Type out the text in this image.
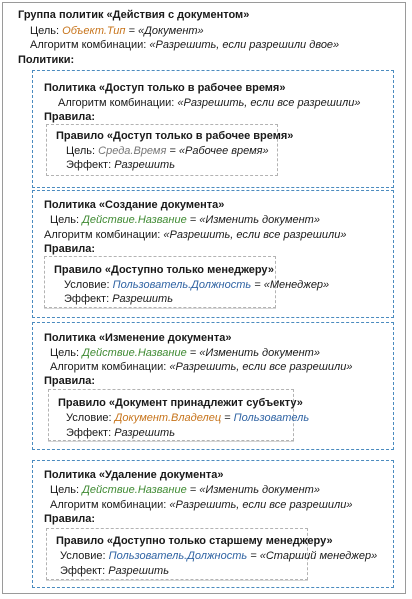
Группа политик «Действия с документом»
Цель: Объект.Тип = «Документ»
Алгоритм комбинации: «Разрешить, если разрешили двое»
Политики:
Политика «Доступ только в рабочее время»
Алгоритм комбинации: «Разрешить, если все разрешили»
Правила:
Правило «Доступ только в рабочее время»
Цель: Среда.Время = «Рабочее время»
Эффект: Разрешить
Политика «Создание документа»
Цель: Действие.Название = «Изменить документ»
Алгоритм комбинации: «Разрешить, если все разрешили»
Правила:
Правило «Доступно только менеджеру»
Условие: Пользователь.Должность = «Менеджер»
Эффект: Разрешить
Политика «Изменение документа»
Цель: Действие.Название = «Изменить документ»
Алгоритм комбинации: «Разрешить, если все разрешили»
Правила:
Правило «Документ принадлежит субъекту»
Условие: Документ.Владелец = Пользователь
Эффект: Разрешить
Политика «Удаление документа»
Цель: Действие.Название = «Изменить документ»
Алгоритм комбинации: «Разрешить, если все разрешили»
Правила:
Правило «Доступно только старшему менеджеру»
Условие: Пользователь.Должность = «Старший менеджер»
Эффект: Разрешить
